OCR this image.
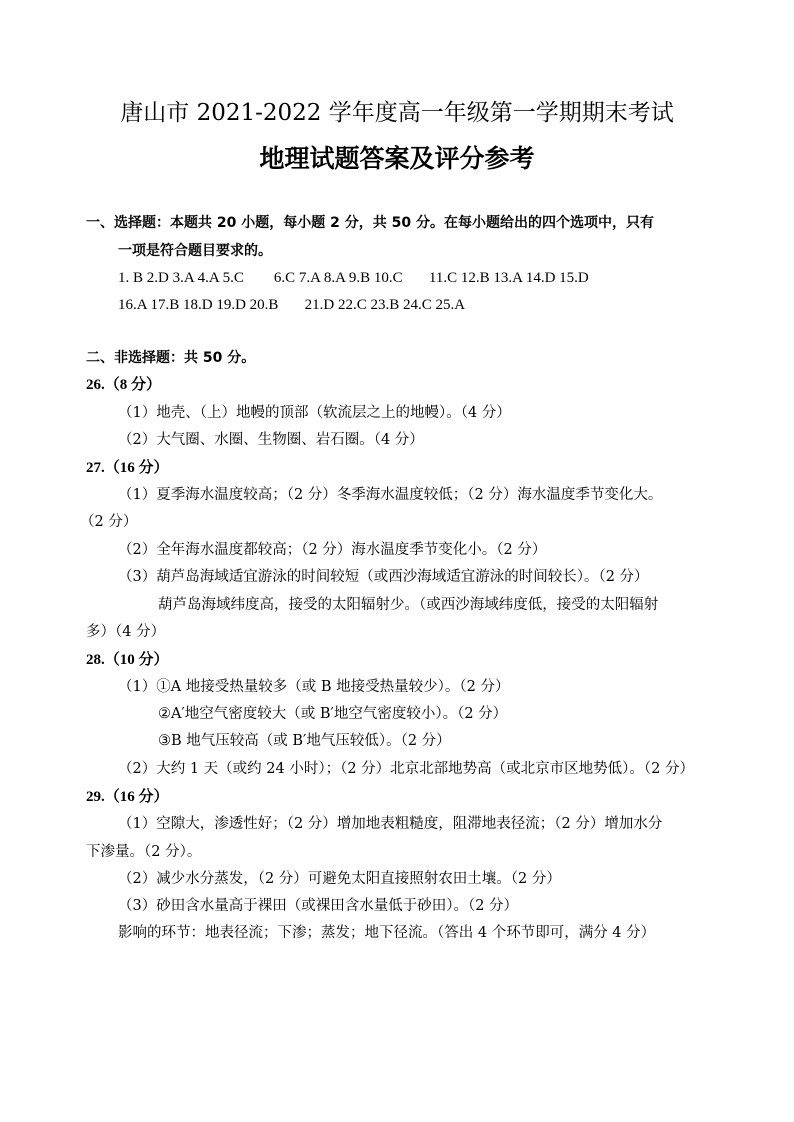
唐山市 2021-2022 学年度高一年级第一学期期末考试
地理试题答案及评分参考
一、选择题：本题共 20 小题，每小题 2 分，共 50 分。在每小题给出的四个选项中，只有
一项是符合题目要求的。
1. B 2.D 3.A 4.A 5.C        6.C 7.A 8.A 9.B 10.C       11.C 12.B 13.A 14.D 15.D
16.A 17.B 18.D 19.D 20.B       21.D 22.C 23.B 24.C 25.A
二、非选择题：共 50 分。
26.（8 分）
（1）地壳、（上）地幔的顶部（软流层之上的地幔）。（4 分）
（2）大气圈、水圈、生物圈、岩石圈。（4 分）
27.（16 分）
（1）夏季海水温度较高；（2 分）冬季海水温度较低；（2 分）海水温度季节变化大。
（2 分）
（2）全年海水温度都较高；（2 分）海水温度季节变化小。（2 分）
（3）葫芦岛海域适宜游泳的时间较短（或西沙海域适宜游泳的时间较长）。（2 分）
葫芦岛海域纬度高，接受的太阳辐射少。（或西沙海域纬度低，接受的太阳辐射
多）（4 分）
28.（10 分）
（1）①A 地接受热量较多（或 B 地接受热量较少）。（2 分）
②A′地空气密度较大（或 B′地空气密度较小）。（2 分）
③B 地气压较高（或 B′地气压较低）。（2 分）
（2）大约 1 天（或约 24 小时）；（2 分）北京北部地势高（或北京市区地势低）。（2 分）
29.（16 分）
（1）空隙大，渗透性好；（2 分）增加地表粗糙度，阻滞地表径流；（2 分）增加水分
下渗量。（2 分）。
（2）减少水分蒸发，（2 分）可避免太阳直接照射农田土壤。（2 分）
（3）砂田含水量高于裸田（或裸田含水量低于砂田）。（2 分）
影响的环节：地表径流；下渗；蒸发；地下径流。（答出 4 个环节即可，满分 4 分）
